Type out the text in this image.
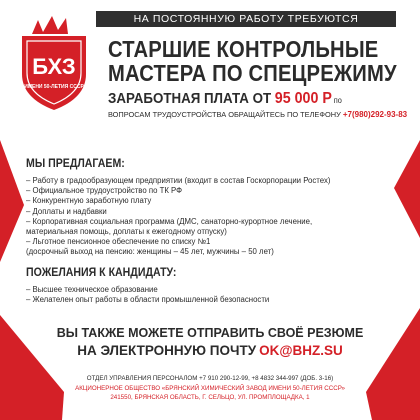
БХЗ
ИМЕНИ 50-ЛЕТИЯ СССР
НА ПОСТОЯННУЮ РАБОТУ ТРЕБУЮТСЯ
СТАРШИЕ КОНТРОЛЬНЫЕ
МАСТЕРА ПО СПЕЦРЕЖИМУ
ЗАРАБОТНАЯ ПЛАТА ОТ 95 000 Р по
ВОПРОСАМ ТРУДОУСТРОЙСТВА ОБРАЩАЙТЕСЬ ПО ТЕЛЕФОНУ +7(980)292-93-83
МЫ ПРЕДЛАГАЕМ:
– Работу в градообразующем предприятии (входит в состав Госкорпорации Ростех)
– Официальное трудоустройство по ТК РФ
– Конкурентную заработную плату
– Доплаты и надбавки
– Корпоративная социальная программа (ДМС, санаторно-курортное лечение,
материальная помощь, доплаты к ежегодному отпуску)
– Льготное пенсионное обеспечение по списку №1
(досрочный выход на пенсию: женщины – 45 лет, мужчины – 50 лет)
ПОЖЕЛАНИЯ К КАНДИДАТУ:
– Высшее техническое образование
– Желателен опыт работы в области промышленной безопасности
ВЫ ТАКЖЕ МОЖЕТЕ ОТПРАВИТЬ СВОЁ РЕЗЮМЕ
НА ЭЛЕКТРОННУЮ ПОЧТУ OK@BHZ.SU
ОТДЕЛ УПРАВЛЕНИЯ ПЕРСОНАЛОМ +7 910 290-12-99, +8 4832 344-997 (ДОБ. 3-16)
АКЦИОНЕРНОЕ ОБЩЕСТВО «БРЯНСКИЙ ХИМИЧЕСКИЙ ЗАВОД ИМЕНИ 50-ЛЕТИЯ СССР»
241550, БРЯНСКАЯ ОБЛАСТЬ, Г. СЕЛЬЦО, УЛ. ПРОМПЛОЩАДКА, 1
